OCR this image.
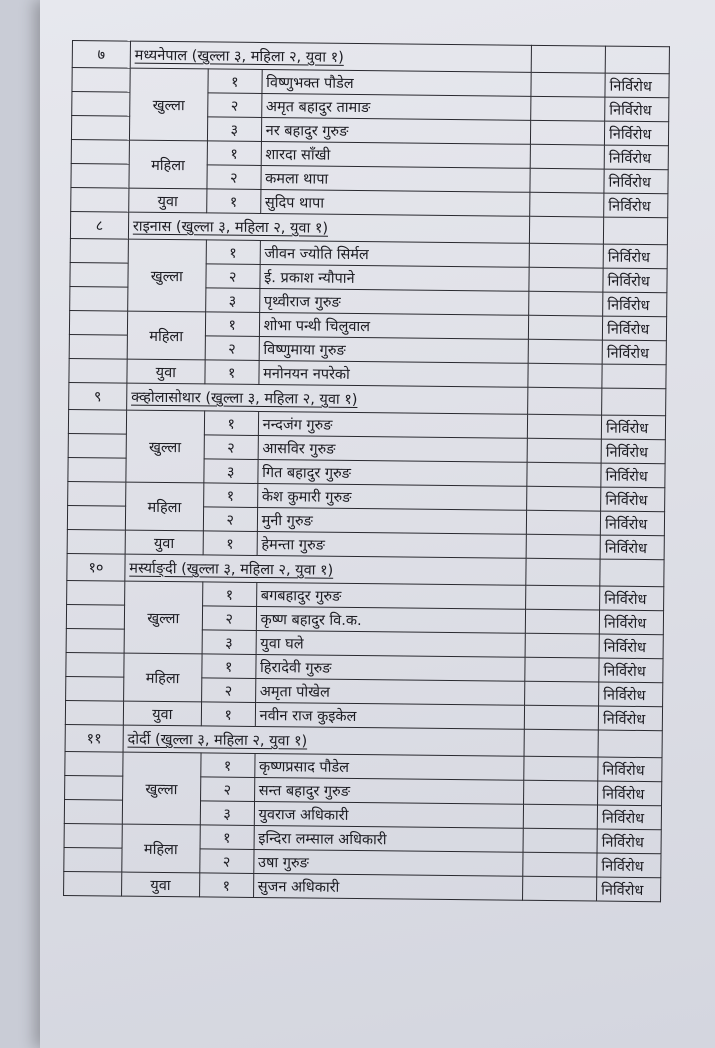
७	मध्यनेपाल (खुल्ला ३, महिला २, युवा १)				
	खुल्ला	१	विष्णुभक्त पौडेल		निर्विरोध
		२	अमृत बहादुर तामाङ		निर्विरोध
		३	नर बहादुर गुरुङ		निर्विरोध
	महिला	१	शारदा साँखी		निर्विरोध
		२	कमला थापा		निर्विरोध
	युवा	१	सुदिप थापा		निर्विरोध
८	राइनास (खुल्ला ३, महिला २, युवा १)				
	खुल्ला	१	जीवन ज्योति सिर्मल		निर्विरोध
		२	ई. प्रकाश न्यौपाने		निर्विरोध
		३	पृथ्वीराज गुरुङ		निर्विरोध
	महिला	१	शोभा पन्थी चिलुवाल		निर्विरोध
		२	विष्णुमाया गुरुङ		निर्विरोध
	युवा	१	मनोनयन नपरेको		
९	क्व्होलासोथार (खुल्ला ३, महिला २, युवा १)				
	खुल्ला	१	नन्दजंग गुरुङ		निर्विरोध
		२	आसविर गुरुङ		निर्विरोध
		३	गित बहादुर गुरुङ		निर्विरोध
	महिला	१	केश कुमारी गुरुङ		निर्विरोध
		२	मुनी गुरुङ		निर्विरोध
	युवा	१	हेमन्ता गुरुङ		निर्विरोध
१०	मर्स्याङ्दी (खुल्ला ३, महिला २, युवा १)				
	खुल्ला	१	बगबहादुर गुरुङ		निर्विरोध
		२	कृष्ण बहादुर वि.क.		निर्विरोध
		३	युवा घले		निर्विरोध
	महिला	१	हिरादेवी गुरुङ		निर्विरोध
		२	अमृता पोखेल		निर्विरोध
	युवा	१	नवीन राज कुइकेल		निर्विरोध
११	दोर्दी (खुल्ला ३, महिला २, युवा १)				
	खुल्ला	१	कृष्णप्रसाद पौडेल		निर्विरोध
		२	सन्त बहादुर गुरुङ		निर्विरोध
		३	युवराज अधिकारी		निर्विरोध
	महिला	१	इन्दिरा लम्साल अधिकारी		निर्विरोध
		२	उषा गुरुङ		निर्विरोध
	युवा	१	सुजन अधिकारी		निर्विरोध
